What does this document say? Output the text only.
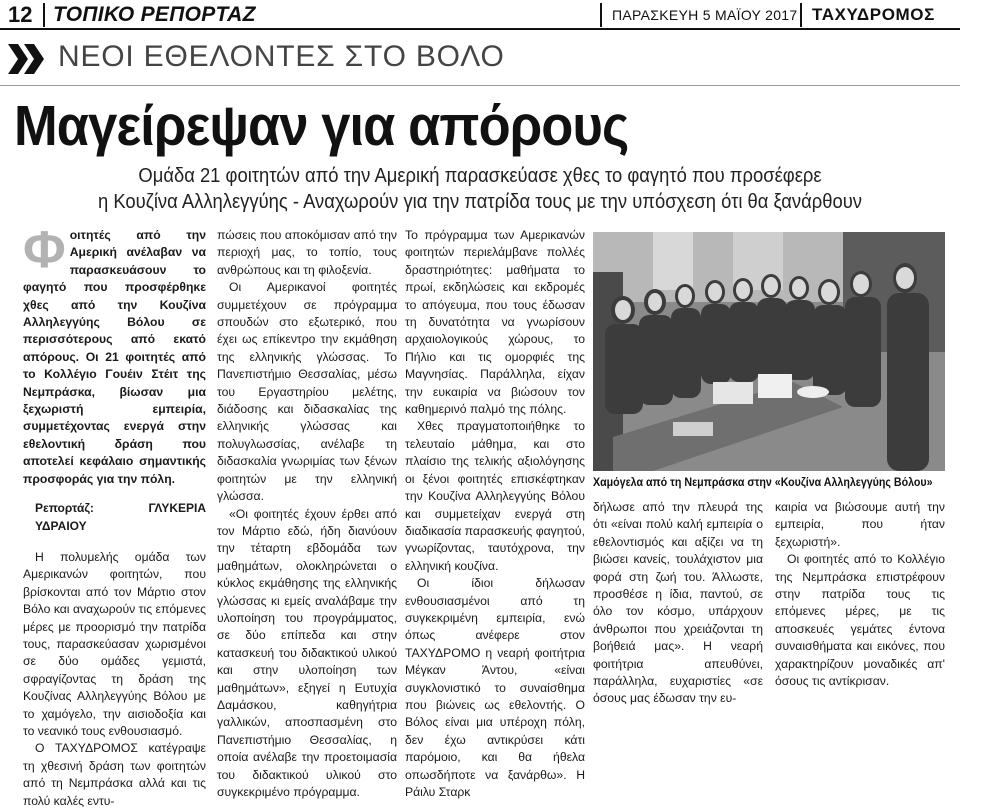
12 ΤΟΠΙΚΟ ΡΕΠΟΡΤΑΖ	ΠΑΡΑΣΚΕΥΗ 5 ΜΑΪΟΥ 2017 ΤΑΧΥΔΡΟΜΟΣ
ΝΕΟΙ ΕΘΕΛΟΝΤΕΣ ΣΤΟ ΒΟΛΟ
Μαγείρεψαν για απόρους
Ομάδα 21 φοιτητών από την Αμερική παρασκεύασε χθες το φαγητό που προσέφερε
η Κουζίνα Αλληλεγγύης - Αναχωρούν για την πατρίδα τους με την υπόσχεση ότι θα ξανάρθουν

Φοιτητές από την Αμερική ανέλαβαν να παρασκευάσουν το φαγητό που προσφέρθηκε χθες από την Κουζίνα Αλληλεγγύης Βόλου σε περισσότερους από εκατό απόρους. Οι 21 φοιτητές από το Κολλέγιο Γουέιν Στέιτ της Νεμπράσκα, βίωσαν μια ξεχωριστή εμπειρία, συμμετέχοντας ενεργά στην εθελοντική δράση που αποτελεί κεφάλαιο σημαντικής προσφοράς για την πόλη.

Ρεπορτάζ: ΓΛΥΚΕΡΙΑ ΥΔΡΑΙΟΥ

Η πολυμελής ομάδα των Αμερικανών φοιτητών, που βρίσκονται από τον Μάρτιο στον Βόλο και αναχωρούν τις επόμενες μέρες με προορισμό την πατρίδα τους, παρασκεύασαν χωρισμένοι σε δύο ομάδες γεμιστά, σφραγίζοντας τη δράση της Κουζίνας Αλληλεγγύης Βόλου με το χαμόγελο, την αισιοδοξία και το νεανικό τους ενθουσιασμό.

Ο ΤΑΧΥΔΡΟΜΟΣ κατέγραψε τη χθεσινή δράση των φοιτητών από τη Νεμπράσκα αλλά και τις πολύ καλές εντυ-

πώσεις που αποκόμισαν από την περιοχή μας, το τοπίο, τους ανθρώπους και τη φιλοξενία.

Οι Αμερικανοί φοιτητές συμμετέχουν σε πρόγραμμα σπουδών στο εξωτερικό, που έχει ως επίκεντρο την εκμάθηση της ελληνικής γλώσσας. Το Πανεπιστήμιο Θεσσαλίας, μέσω του Εργαστηρίου μελέτης, διάδοσης και διδασκαλίας της ελληνικής γλώσσας και πολυγλωσσίας, ανέλαβε τη διδασκαλία γνωριμίας των ξένων φοιτητών με την ελληνική γλώσσα.

«Οι φοιτητές έχουν έρθει από τον Μάρτιο εδώ, ήδη διανύουν την τέταρτη εβδομάδα των μαθημάτων, ολοκληρώνεται ο κύκλος εκμάθησης της ελληνικής γλώσσας κι εμείς αναλάβαμε την υλοποίηση του προγράμματος, σε δύο επίπεδα και στην κατασκευή του διδακτικού υλικού και στην υλοποίηση των μαθημάτων», εξηγεί η Ευτυχία Δαμάσκου, καθηγήτρια γαλλικών, αποσπασμένη στο Πανεπιστήμιο Θεσσαλίας, η οποία ανέλαβε την προετοιμασία του διδακτικού υλικού στο συγκεκριμένο πρόγραμμα.

Το πρόγραμμα των Αμερικανών φοιτητών περιελάμβανε πολλές δραστηριότητες: μαθήματα το πρωί, εκδηλώσεις και εκδρομές το απόγευμα, που τους έδωσαν τη δυνατότητα να γνωρίσουν αρχαιολογικούς χώρους, το Πήλιο και τις ομορφιές της Μαγνησίας. Παράλληλα, είχαν την ευκαιρία να βιώσουν τον καθημερινό παλμό της πόλης.

Χθες πραγματοποιήθηκε το τελευταίο μάθημα, και στο πλαίσιο της τελικής αξιολόγησης οι ξένοι φοιτητές επισκέφτηκαν την Κουζίνα Αλληλεγγύης Βόλου και συμμετείχαν ενεργά στη διαδικασία παρασκευής φαγητού, γνωρίζοντας, ταυτόχρονα, την ελληνική κουζίνα.

Οι ίδιοι δήλωσαν ενθουσιασμένοι από τη συγκεκριμένη εμπειρία, ενώ όπως ανέφερε στον ΤΑΧΥΔΡΟΜΟ η νεαρή φοιτήτρια Μέγκαν Άντου, «είναι συγκλονιστικό το συναίσθημα που βιώνεις ως εθελοντής. Ο Βόλος είναι μια υπέροχη πόλη, δεν έχω αντικρύσει κάτι παρόμοιο, και θα ήθελα οπωσδήποτε να ξανάρθω». Η Ράιλυ Σταρκ

Χαμόγελα από τη Νεμπράσκα στην «Κουζίνα Αλληλεγγύης Βόλου»

δήλωσε από την πλευρά της ότι «είναι πολύ καλή εμπειρία ο εθελοντισμός και αξίζει να τη βιώσει κανείς, τουλάχιστον μια φορά στη ζωή του. Άλλωστε, προσθέσε η ίδια, παντού, σε όλο τον κόσμο, υπάρχουν άνθρωποι που χρειάζονται τη βοήθειά μας». Η νεαρή φοιτήτρια απευθύνει, παράλληλα, ευχαριστίες «σε όσους μας έδωσαν την ευ-

καιρία να βιώσουμε αυτή την εμπειρία, που ήταν ξεχωριστή».

Οι φοιτητές από το Κολλέγιο της Νεμπράσκα επιστρέφουν στην πατρίδα τους τις επόμενες μέρες, με τις αποσκευές γεμάτες έντονα συναισθήματα και εικόνες, που χαρακτηρίζουν μοναδικές απ' όσους τις αντίκρισαν.
